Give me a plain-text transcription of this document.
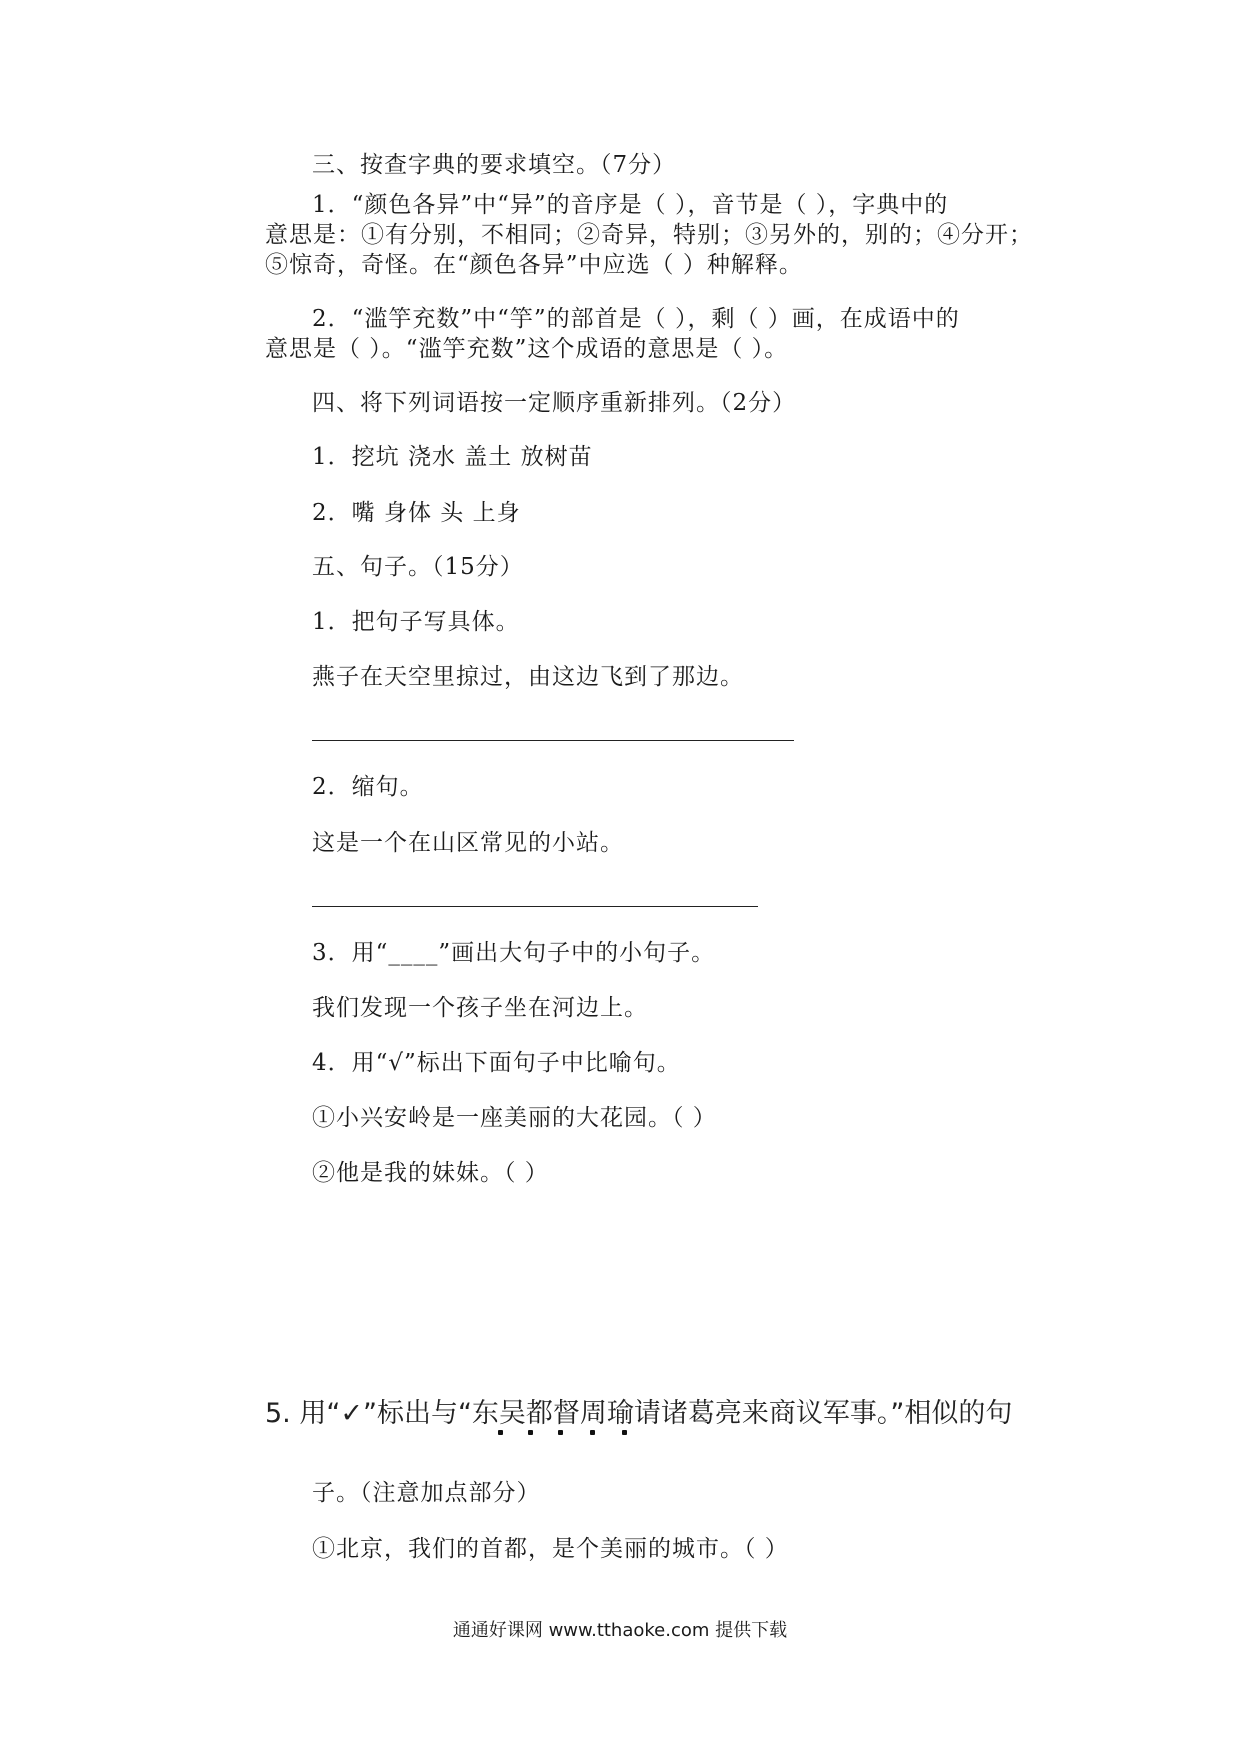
三、按查字典的要求填空。（7分）
1．“颜色各异”中“异”的音序是（ ），音节是（ ），字典中的
意思是：①有分别，不相同；②奇异，特别；③另外的，别的；④分开；
⑤惊奇，奇怪。在“颜色各异”中应选（ ）种解释。
2．“滥竽充数”中“竽”的部首是（ ），剩（ ）画，在成语中的
意思是（ ）。“滥竽充数”这个成语的意思是（ ）。
四、将下列词语按一定顺序重新排列。（2分）
1．挖坑 浇水 盖土 放树苗
2．嘴 身体 头 上身
五、句子。（15分）
1．把句子写具体。
燕子在天空里掠过，由这边飞到了那边。
2．缩句。
这是一个在山区常见的小站。
3．用“____”画出大句子中的小句子。
我们发现一个孩子坐在河边上。
4．用“√”标出下面句子中比喻句。
①小兴安岭是一座美丽的大花园。（ ）
②他是我的妹妹。（ ）
5. 用“✓”标出与“东吴都督周瑜请诸葛亮来商议军事。”相似的句
子。（注意加点部分）
①北京，我们的首都，是个美丽的城市。（ ）
通通好课网 www.tthaoke.com 提供下载
